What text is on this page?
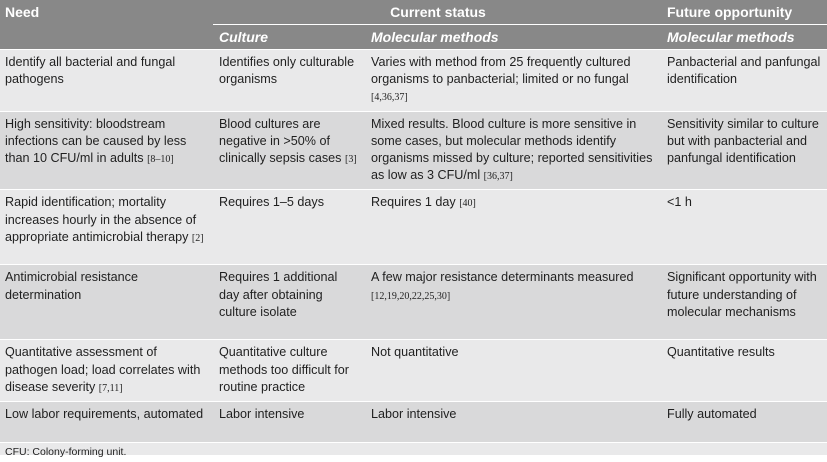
Need	Current status		Future opportunity
	Culture	Molecular methods	Molecular methods
Identify all bacterial and fungal pathogens	Identifies only culturable organisms	Varies with method from 25 frequently cultured organisms to panbacterial; limited or no fungal [4,36,37]	Panbacterial and panfungal identification
High sensitivity: bloodstream infections can be caused by less than 10 CFU/ml in adults [8–10]	Blood cultures are negative in >50% of clinically sepsis cases [3]	Mixed results. Blood culture is more sensitive in some cases, but molecular methods identify organisms missed by culture; reported sensitivities as low as 3 CFU/ml [36,37]	Sensitivity similar to culture but with panbacterial and panfungal identification
Rapid identification; mortality increases hourly in the absence of appropriate antimicrobial therapy [2]	Requires 1–5 days	Requires 1 day [40]	<1 h
Antimicrobial resistance determination	Requires 1 additional day after obtaining culture isolate	A few major resistance determinants measured [12,19,20,22,25,30]	Significant opportunity with future understanding of molecular mechanisms
Quantitative assessment of pathogen load; load correlates with disease severity [7,11]	Quantitative culture methods too difficult for routine practice	Not quantitative	Quantitative results
Low labor requirements, automated	Labor intensive	Labor intensive	Fully automated
CFU: Colony-forming unit.			
